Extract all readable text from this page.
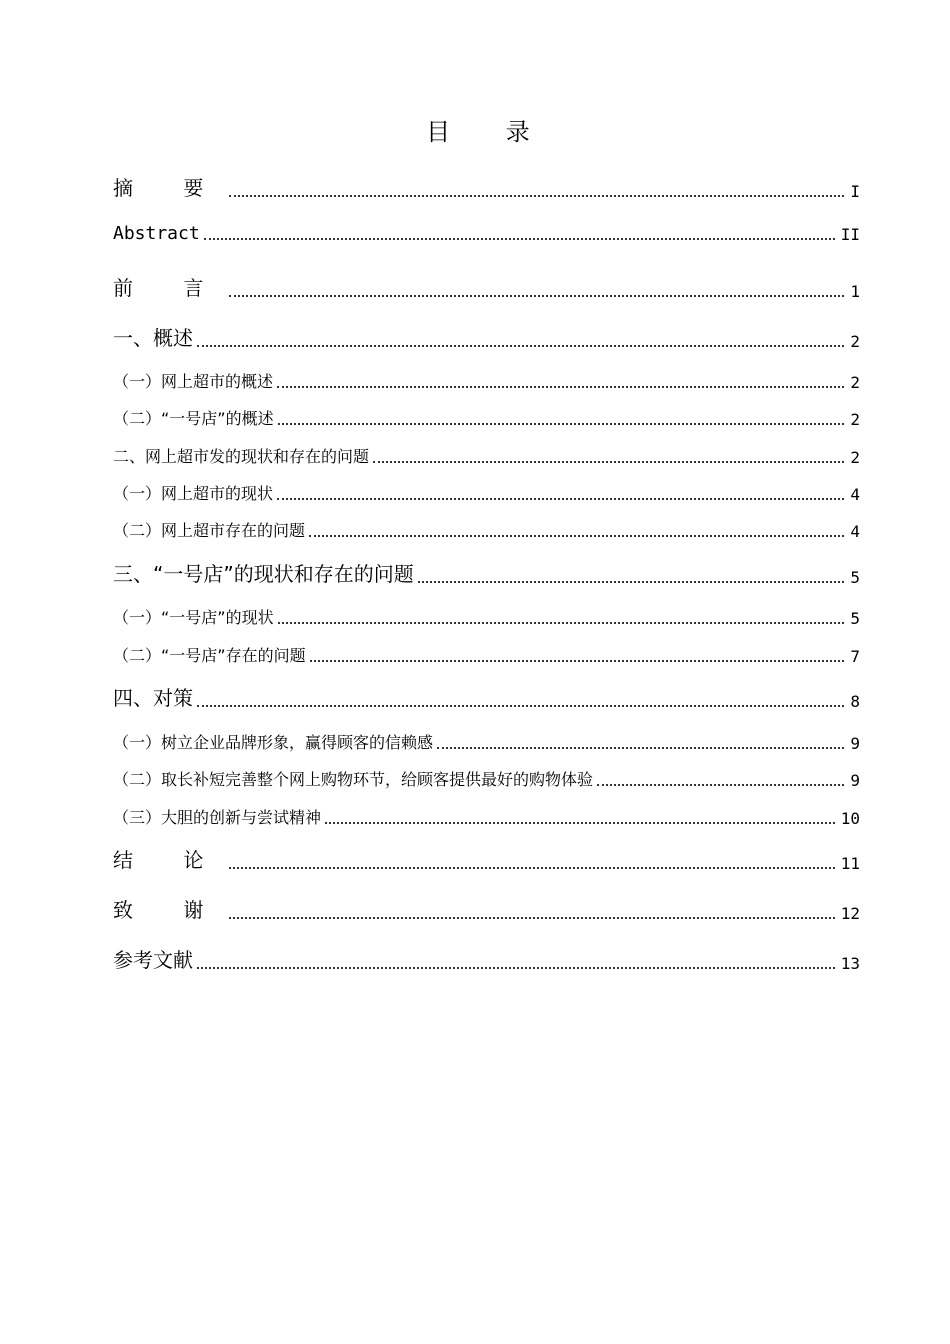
目 录
摘 要	I
Abstract	II
前 言	1
一、概述	2
（一）网上超市的概述	2
（二）“一号店”的概述	2
二、网上超市发的现状和存在的问题	2
（一）网上超市的现状	4
（二）网上超市存在的问题	4
三、“一号店”的现状和存在的问题	5
（一）“一号店”的现状	5
（二）“一号店”存在的问题	7
四、对策	8
（一）树立企业品牌形象，赢得顾客的信赖感	9
（二）取长补短完善整个网上购物环节，给顾客提供最好的购物体验	9
（三）大胆的创新与尝试精神	10
结 论	11
致 谢	12
参考文献	13
